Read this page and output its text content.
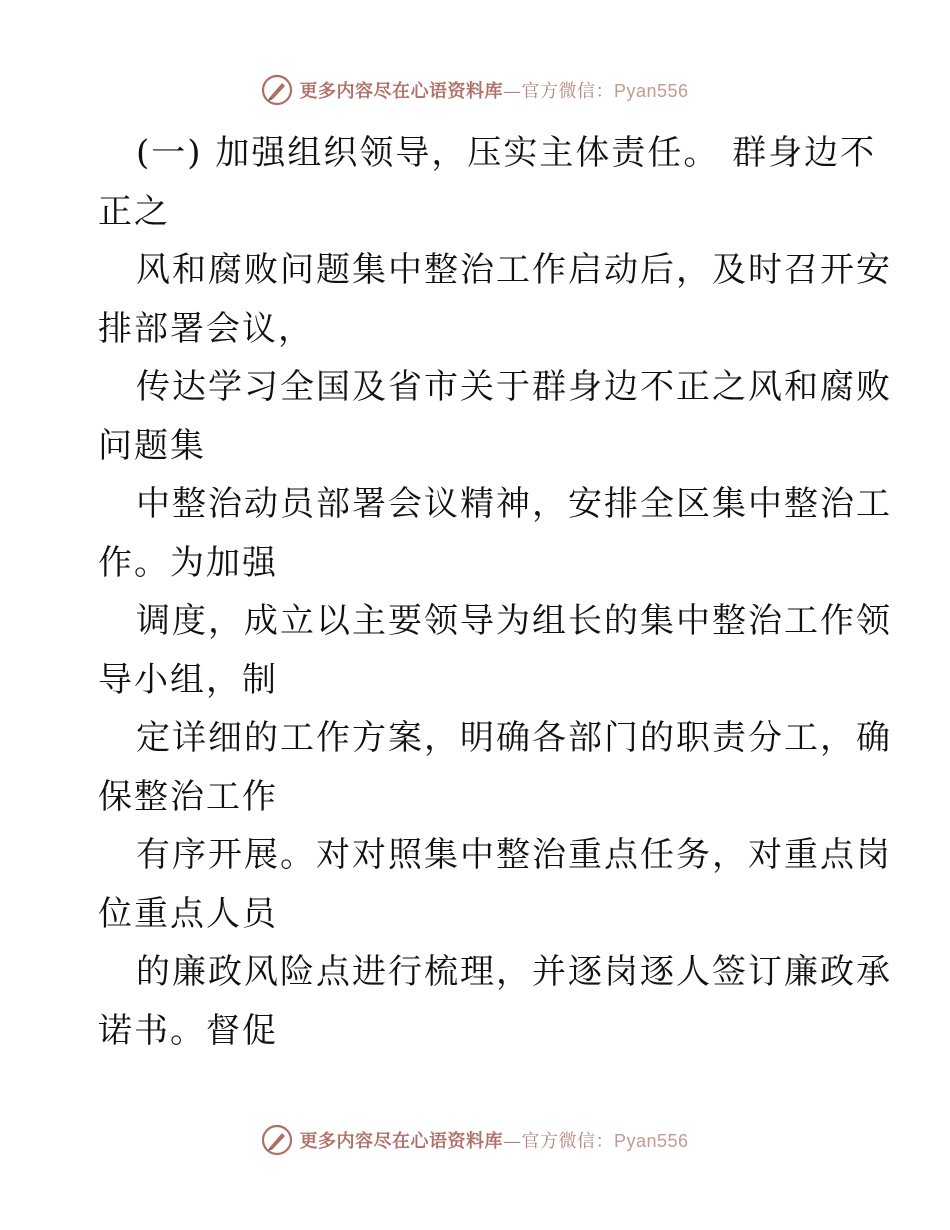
更多内容尽在心语资料库—官方微信：Pyan556
(一) 加强组织领导，压实主体责任。 群身边不
正之
风和腐败问题集中整治工作启动后，及时召开安
排部署会议，
传达学习全国及省市关于群身边不正之风和腐败
问题集
中整治动员部署会议精神，安排全区集中整治工
作。为加强
调度，成立以主要领导为组长的集中整治工作领
导小组，制
定详细的工作方案，明确各部门的职责分工，确
保整治工作
有序开展。对对照集中整治重点任务，对重点岗
位重点人员
的廉政风险点进行梳理，并逐岗逐人签订廉政承
诺书。督促
更多内容尽在心语资料库—官方微信：Pyan556
